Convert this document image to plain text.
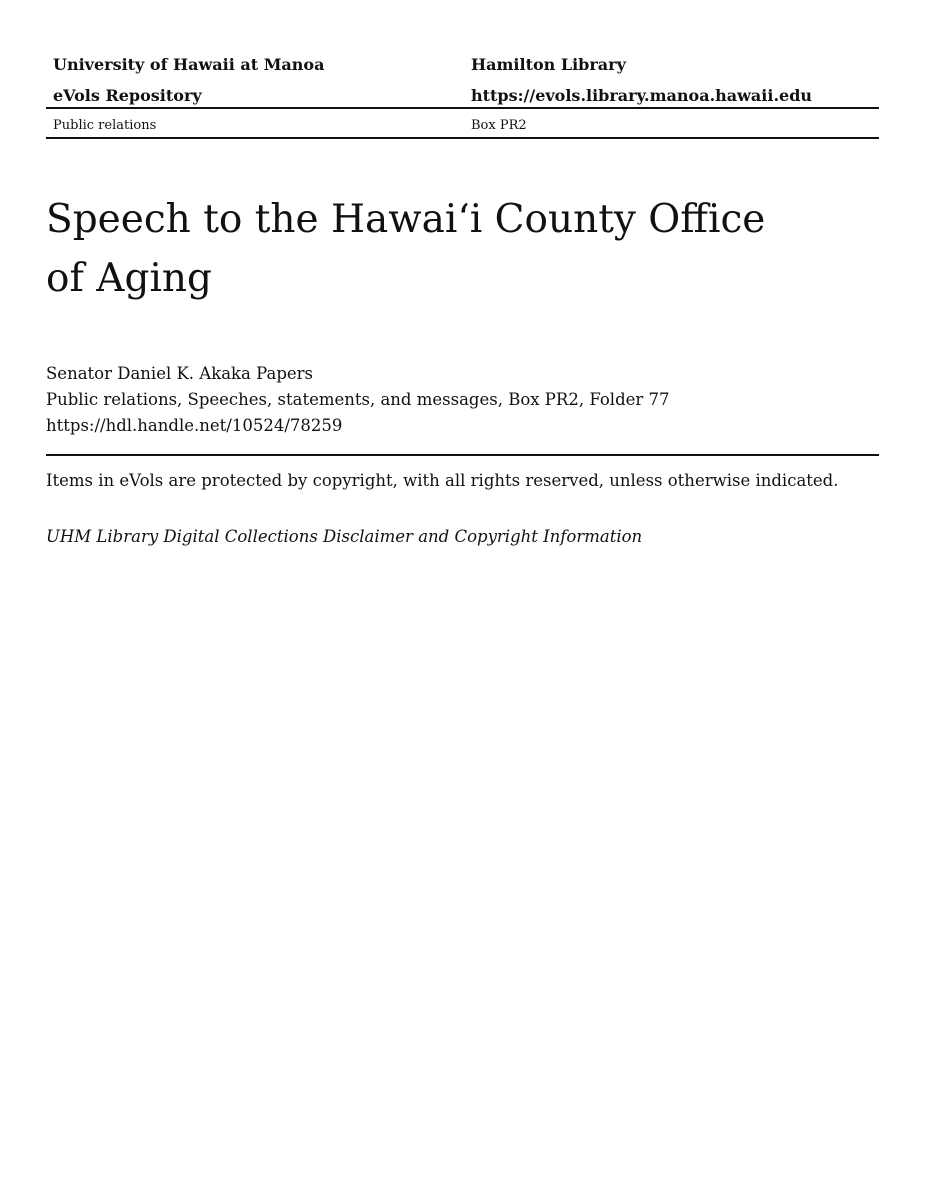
University of Hawaii at Manoa	Hamilton Library
eVols Repository	https://evols.library.manoa.hawaii.edu
Public relations	Box PR2
Speech to the Hawaiʻi County Office of Aging
Senator Daniel K. Akaka Papers
Public relations, Speeches, statements, and messages, Box PR2, Folder 77
https://hdl.handle.net/10524/78259
Items in eVols are protected by copyright, with all rights reserved, unless otherwise indicated.
UHM Library Digital Collections Disclaimer and Copyright Information
